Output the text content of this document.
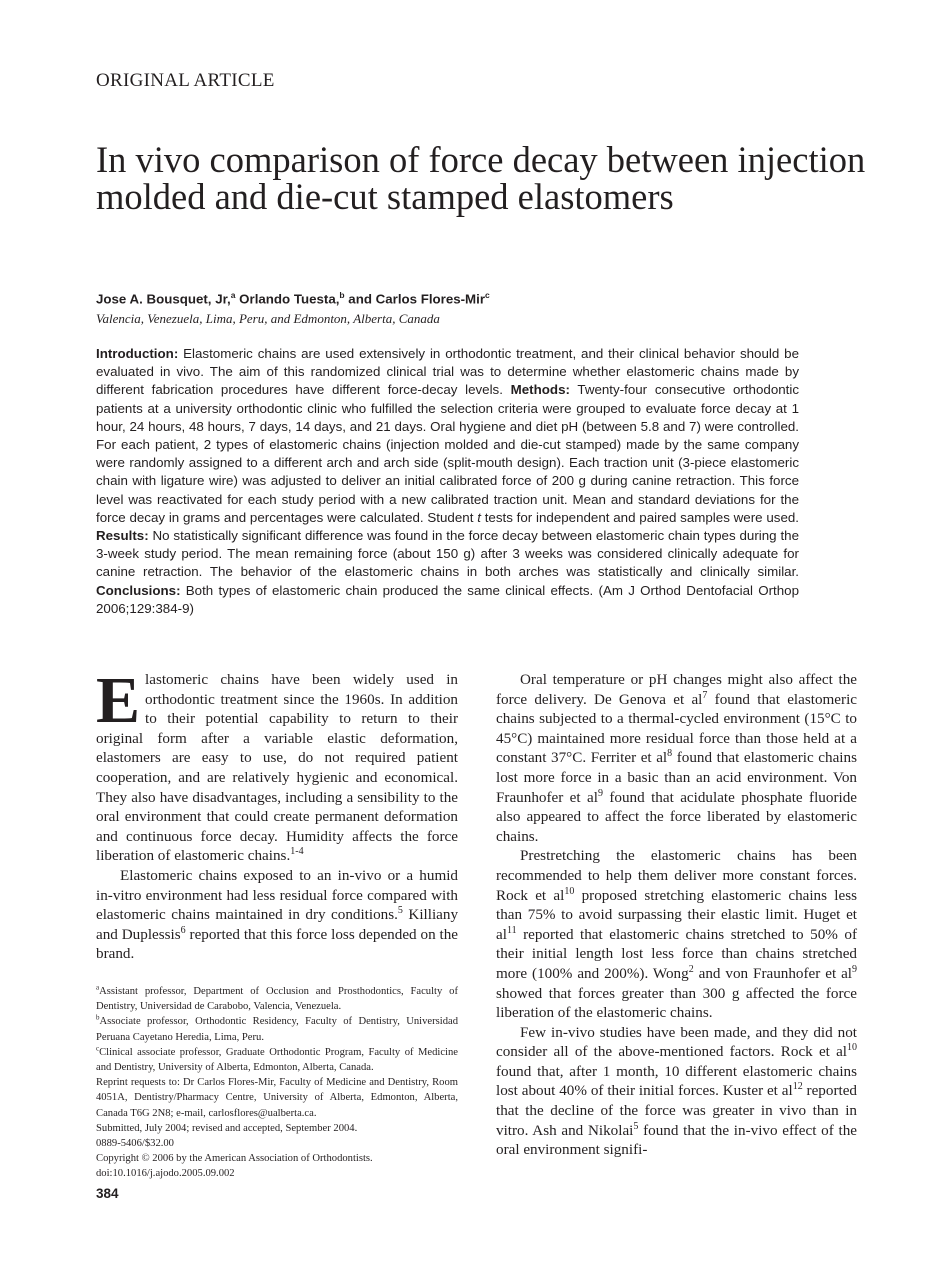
ORIGINAL ARTICLE
In vivo comparison of force decay between injection molded and die-cut stamped elastomers
Jose A. Bousquet, Jr,$^a$ Orlando Tuesta,$^b$ and Carlos Flores-Mir$^c$
Valencia, Venezuela, Lima, Peru, and Edmonton, Alberta, Canada

Introduction: Elastomeric chains are used extensively in orthodontic treatment, and their clinical behavior should be evaluated in vivo. The aim of this randomized clinical trial was to determine whether elastomeric chains made by different fabrication procedures have different force-decay levels. Methods: Twenty-four consecutive orthodontic patients at a university orthodontic clinic who fulfilled the selection criteria were grouped to evaluate force decay at 1 hour, 24 hours, 48 hours, 7 days, 14 days, and 21 days. Oral hygiene and diet pH (between 5.8 and 7) were controlled. For each patient, 2 types of elastomeric chains (injection molded and die-cut stamped) made by the same company were randomly assigned to a different arch and arch side (split-mouth design). Each traction unit (3-piece elastomeric chain with ligature wire) was adjusted to deliver an initial calibrated force of 200 g during canine retraction. This force level was reactivated for each study period with a new calibrated traction unit. Mean and standard deviations for the force decay in grams and percentages were calculated. Student t tests for independent and paired samples were used. Results: No statistically significant difference was found in the force decay between elastomeric chain types during the 3-week study period. The mean remaining force (about 150 g) after 3 weeks was considered clinically adequate for canine retraction. The behavior of the elastomeric chains in both arches was statistically and clinically similar. Conclusions: Both types of elastomeric chain produced the same clinical effects. (Am J Orthod Dentofacial Orthop 2006;129:384-9)

Elastomeric chains have been widely used in orthodontic treatment since the 1960s. In addition to their potential capability to return to their original form after a variable elastic deformation, elastomers are easy to use, do not required patient cooperation, and are relatively hygienic and economical. They also have disadvantages, including a sensibility to the oral environment that could create permanent deformation and continuous force decay. Humidity affects the force liberation of elastomeric chains.$^{1-4}$

Elastomeric chains exposed to an in-vivo or a humid in-vitro environment had less residual force compared with elastomeric chains maintained in dry conditions.$^5$ Killiany and Duplessis$^6$ reported that this force loss depended on the brand.

$^a$Assistant professor, Department of Occlusion and Prosthodontics, Faculty of Dentistry, Universidad de Carabobo, Valencia, Venezuela.

$^b$Associate professor, Orthodontic Residency, Faculty of Dentistry, Universidad Peruana Cayetano Heredia, Lima, Peru.

$^c$Clinical associate professor, Graduate Orthodontic Program, Faculty of Medicine and Dentistry, University of Alberta, Edmonton, Alberta, Canada.

Reprint requests to: Dr Carlos Flores-Mir, Faculty of Medicine and Dentistry, Room 4051A, Dentistry/Pharmacy Centre, University of Alberta, Edmonton, Alberta, Canada T6G 2N8; e-mail, carlosflores@ualberta.ca.

Submitted, July 2004; revised and accepted, September 2004.

0889-5406/$32.00

Copyright © 2006 by the American Association of Orthodontists.

doi:10.1016/j.ajodo.2005.09.002

Oral temperature or pH changes might also affect the force delivery. De Genova et $al^7$ found that elastomeric chains subjected to a thermal-cycled environment (15°C to 45°C) maintained more residual force than those held at a constant 37°C. Ferriter et $al^8$ found that elastomeric chains lost more force in a basic than an acid environment. Von Fraunhofer et $al^9$ found that acidulate phosphate fluoride also appeared to affect the force liberated by elastomeric chains.

Prestretching the elastomeric chains has been recommended to help them deliver more constant forces. Rock et $al^{10}$ proposed stretching elastomeric chains less than 75% to avoid surpassing their elastic limit. Huget et $al^{11}$ reported that elastomeric chains stretched to 50% of their initial length lost less force than chains stretched more (100% and 200%). Wong$^2$ and von Fraunhofer et $al^9$ showed that forces greater than 300 g affected the force liberation of the elastomeric chains.

Few in-vivo studies have been made, and they did not consider all of the above-mentioned factors. Rock et $al^{10}$ found that, after 1 month, 10 different elastomeric chains lost about 40% of their initial forces. Kuster et $al^{12}$ reported that the decline of the force was greater in vivo than in vitro. Ash and Nikolai$^5$ found that the in-vivo effect of the oral environment signifi-

384
